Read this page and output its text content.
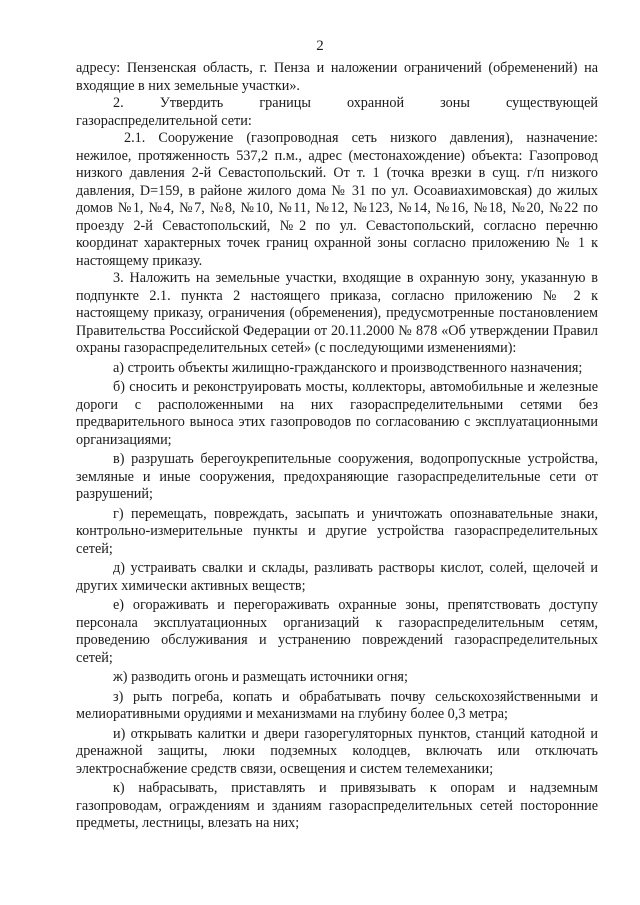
2

адресу: Пензенская область, г. Пенза и наложении ограничений (обременений) на входящие в них земельные участки».

2.      Утвердить      границы      охранной      зоны      существующей газораспределительной сети:

2.1. Сооружение (газопроводная сеть низкого давления), назначение: нежилое, протяженность 537,2 п.м., адрес (местонахождение) объекта: Газопровод низкого давления 2-й Севастопольский. От т. 1 (точка врезки в сущ. г/п низкого давления, D=159, в районе жилого дома № 31 по ул. Осоавиахимовская) до жилых домов №1, №4, №7, №8, №10, №11, №12, №123, №14, №16, №18, №20, №22 по проезду 2-й Севастопольский, №2 по ул. Севастопольский, согласно перечню координат характерных точек границ охранной зоны согласно приложению № 1 к настоящему приказу.

3. Наложить на земельные участки, входящие в охранную зону, указанную в подпункте 2.1. пункта 2 настоящего приказа, согласно приложению № 2 к настоящему приказу, ограничения (обременения), предусмотренные постановлением Правительства Российской Федерации от 20.11.2000 № 878 «Об утверждении Правил охраны газораспределительных сетей» (с последующими изменениями):

а) строить объекты жилищно-гражданского и производственного назначения;

б) сносить и реконструировать мосты, коллекторы, автомобильные и железные дороги с расположенными на них газораспределительными сетями без предварительного выноса этих газопроводов по согласованию с эксплуатационными организациями;

в) разрушать берегоукрепительные сооружения, водопропускные устройства, земляные и иные сооружения, предохраняющие газораспределительные сети от разрушений;

г) перемещать, повреждать, засыпать и уничтожать опознавательные знаки, контрольно-измерительные пункты и другие устройства газораспределительных сетей;

д) устраивать свалки и склады, разливать растворы кислот, солей, щелочей и других химически активных веществ;

е) огораживать и перегораживать охранные зоны, препятствовать доступу персонала эксплуатационных организаций к газораспределительным сетям, проведению обслуживания и устранению повреждений газораспределительных сетей;

ж) разводить огонь и размещать источники огня;

з) рыть погреба, копать и обрабатывать почву сельскохозяйственными и мелиоративными орудиями и механизмами на глубину более 0,3 метра;

и) открывать калитки и двери газорегуляторных пунктов, станций катодной и дренажной защиты, люки подземных колодцев, включать или отключать электроснабжение средств связи, освещения и систем телемеханики;

к) набрасывать, приставлять и привязывать к опорам и надземным газопроводам, ограждениям и зданиям газораспределительных сетей посторонние предметы, лестницы, влезать на них;
